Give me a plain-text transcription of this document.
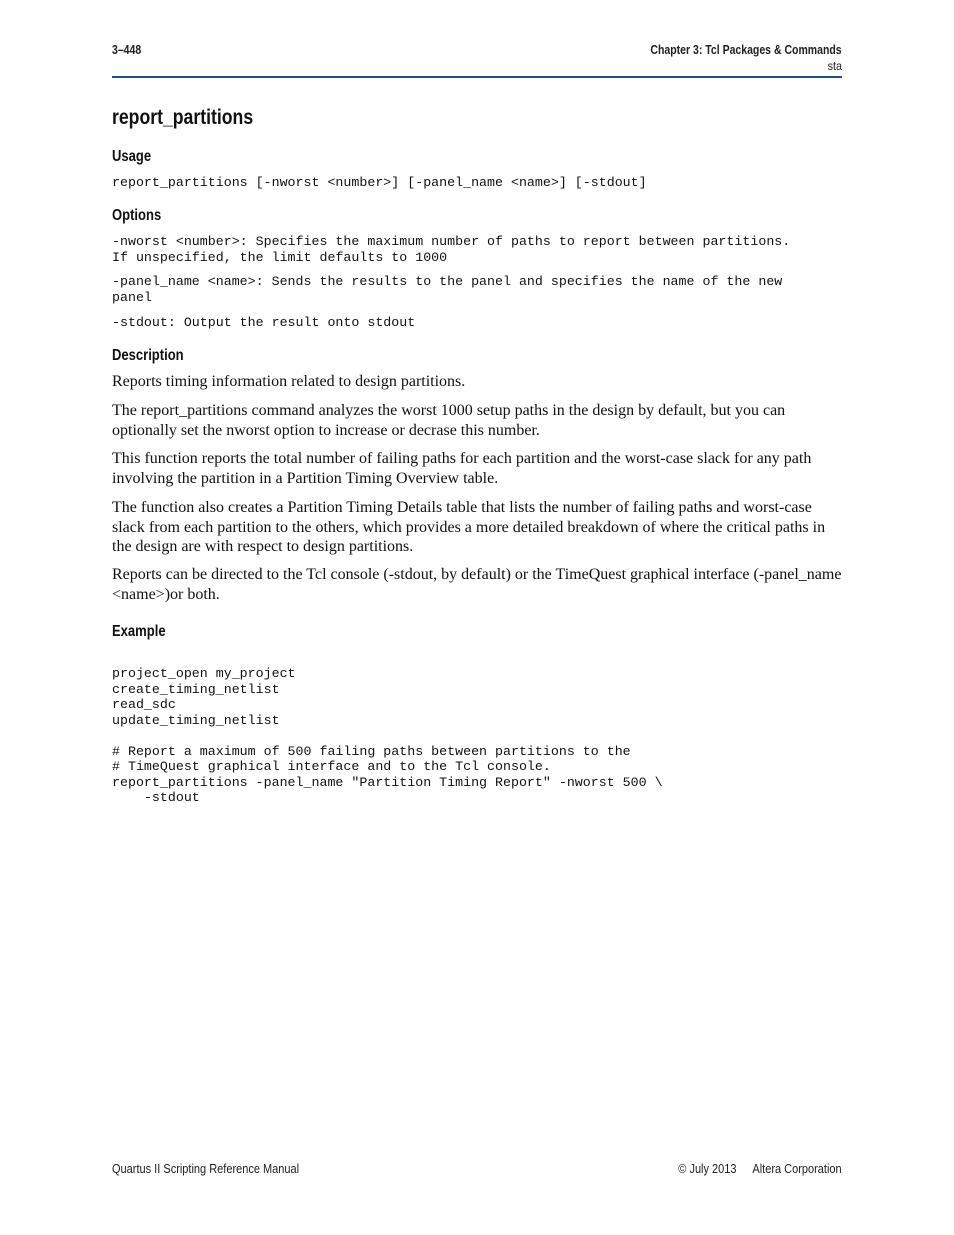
3–448	Chapter 3: Tcl Packages & Commands
sta
report_partitions
Usage
report_partitions [-nworst <number>] [-panel_name <name>] [-stdout]
Options
-nworst <number>: Specifies the maximum number of paths to report between partitions.
If unspecified, the limit defaults to 1000
-panel_name <name>: Sends the results to the panel and specifies the name of the new
panel
-stdout: Output the result onto stdout
Description

Reports timing information related to design partitions.

The report_partitions command analyzes the worst 1000 setup paths in the design by default, but you can optionally set the nworst option to increase or decrase this number.

This function reports the total number of failing paths for each partition and the worst-case slack for any path involving the partition in a Partition Timing Overview table.

The function also creates a Partition Timing Details table that lists the number of failing paths and worst-case slack from each partition to the others, which provides a more detailed breakdown of where the critical paths in the design are with respect to design partitions.

Reports can be directed to the Tcl console (-stdout, by default) or the TimeQuest graphical interface (-panel_name <name>)or both.

Example
project_open my_project
create_timing_netlist
read_sdc
update_timing_netlist

# Report a maximum of 500 failing paths between partitions to the
# TimeQuest graphical interface and to the Tcl console.
report_partitions -panel_name "Partition Timing Report" -nworst 500 \
-stdout
Quartus II Scripting Reference Manual	© July 2013 Altera Corporation
